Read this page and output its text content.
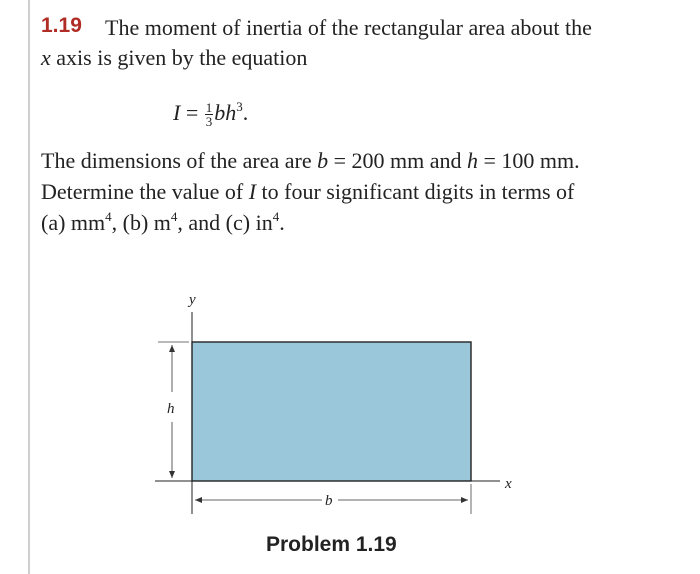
1.19 The moment of inertia of the rectangular area about the
x axis is given by the equation
$I = \frac{1}{3} bh^3$.
The dimensions of the area are b = 200 mm and h = 100 mm.
Determine the value of I to four significant digits in terms of
(a) $mm^4$, (b) $m^4$, and (c) $in^4$.
y
x
h
b
Problem 1.19
